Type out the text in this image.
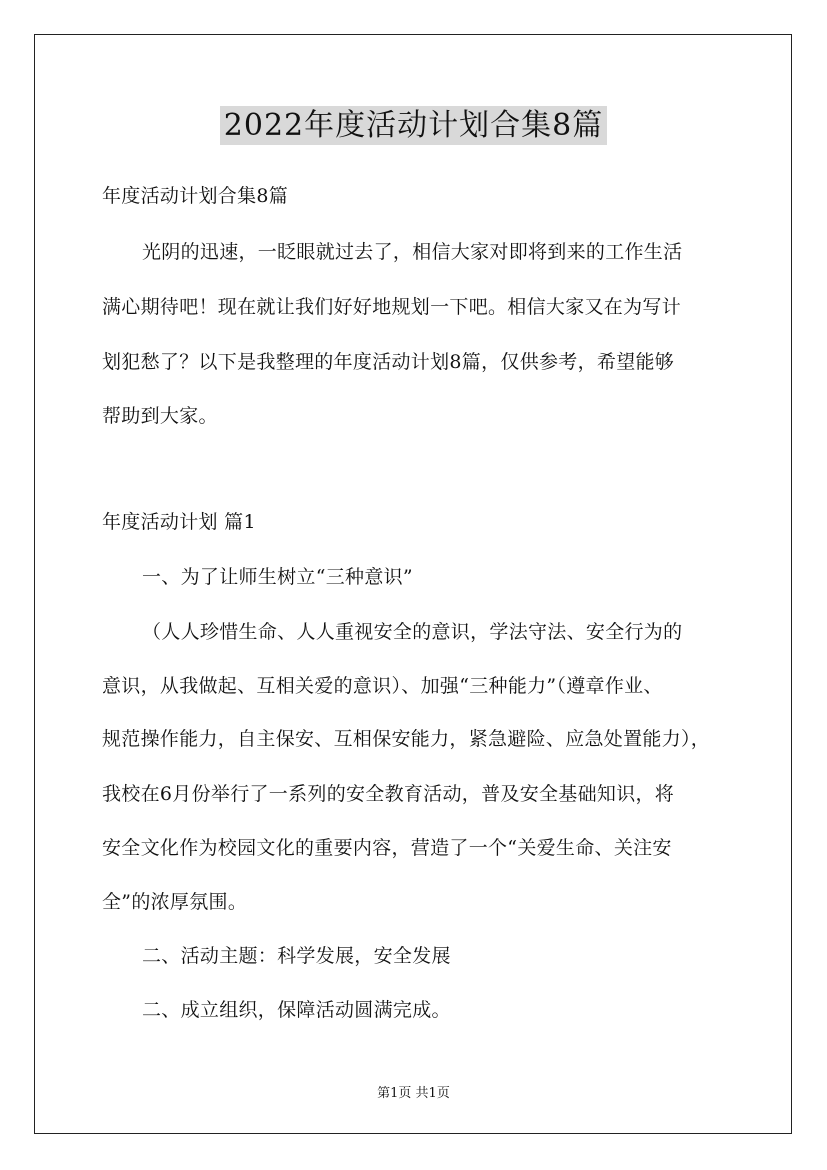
2022年度活动计划合集8篇
年度活动计划合集8篇
光阴的迅速，一眨眼就过去了，相信大家对即将到来的工作生活
满心期待吧！现在就让我们好好地规划一下吧。相信大家又在为写计
划犯愁了？以下是我整理的年度活动计划8篇，仅供参考，希望能够
帮助到大家。
年度活动计划 篇1
一、为了让师生树立“三种意识”
（人人珍惜生命、人人重视安全的意识，学法守法、安全行为的
意识，从我做起、互相关爱的意识）、加强“三种能力”（遵章作业、
规范操作能力，自主保安、互相保安能力，紧急避险、应急处置能力），
我校在6月份举行了一系列的安全教育活动，普及安全基础知识，将
安全文化作为校园文化的重要内容，营造了一个“关爱生命、关注安
全”的浓厚氛围。
二、活动主题：科学发展，安全发展
二、成立组织，保障活动圆满完成。
第1页 共1页
